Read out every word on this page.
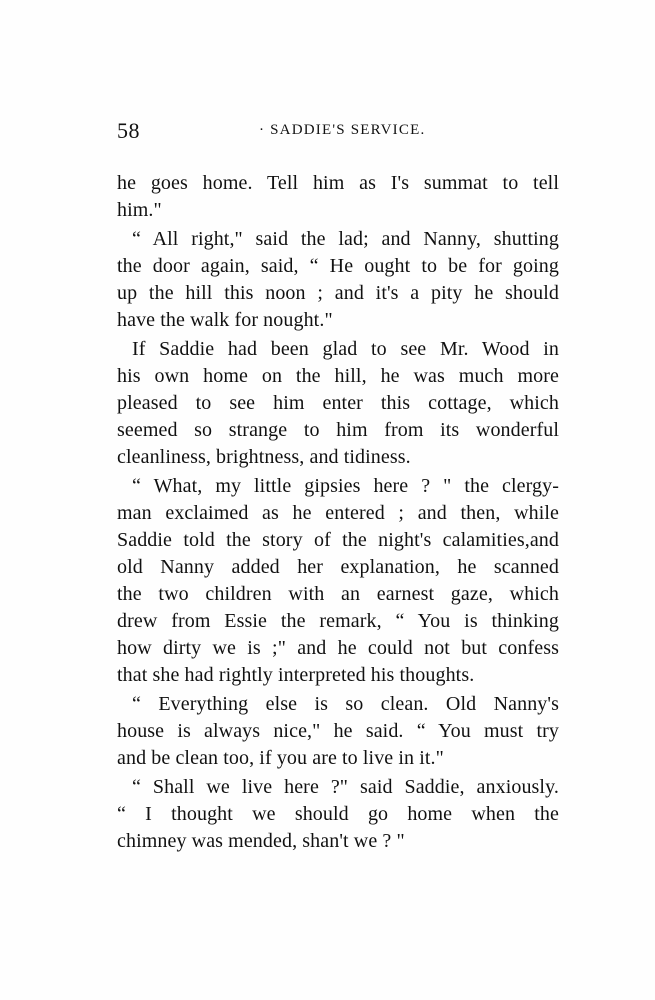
58	· SADDIE'S SERVICE.
he goes home. Tell him as I's summat to tell
him."
“ All right," said the lad; and Nanny, shutting
the door again, said, “ He ought to be for going
up the hill this noon ; and it's a pity he should
have the walk for nought."
If Saddie had been glad to see Mr. Wood in
his own home on the hill, he was much more
pleased to see him enter this cottage, which
seemed so strange to him from its wonderful
cleanliness, brightness, and tidiness.
“ What, my little gipsies here ? " the clergy-
man exclaimed as he entered ; and then, while
Saddie told the story of the night's calamities,and
old Nanny added her explanation, he scanned
the two children with an earnest gaze, which
drew from Essie the remark, “ You is thinking
how dirty we is ;" and he could not but confess
that she had rightly interpreted his thoughts.
“ Everything else is so clean. Old Nanny's
house is always nice," he said. “ You must try
and be clean too, if you are to live in it."
“ Shall we live here ?" said Saddie, anxiously.
“ I thought we should go home when the
chimney was mended, shan't we ? "
